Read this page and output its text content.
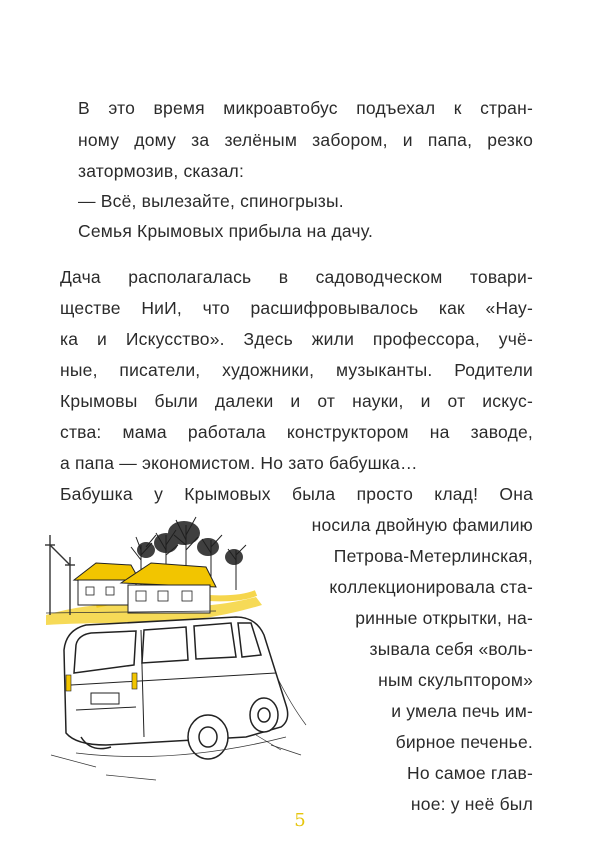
В это время микроавтобус подъехал к стран-
ному дому за зелёным забором, и папа, резко
затормозив, сказал:
— Всё, вылезайте, спиногрызы.
Семья Крымовых прибыла на дачу.
Дача располагалась в садоводческом товари-
ществе НиИ, что расшифровывалось как «Нау-
ка и Искусство». Здесь жили профессора, учё-
ные, писатели, художники, музыканты. Родители
Крымовы были далеки и от науки, и от искус-
ства: мама работала конструктором на заводе,
а папа — экономистом. Но зато бабушка…
Бабушка у Крымовых была просто клад! Она
носила двойную фамилию
Петрова-Метерлинская,
коллекционировала ста-
ринные открытки, на-
зывала себя «воль-
ным скульптором»
и умела печь им-
бирное печенье.
Но самое глав-
ное: у неё был
5
